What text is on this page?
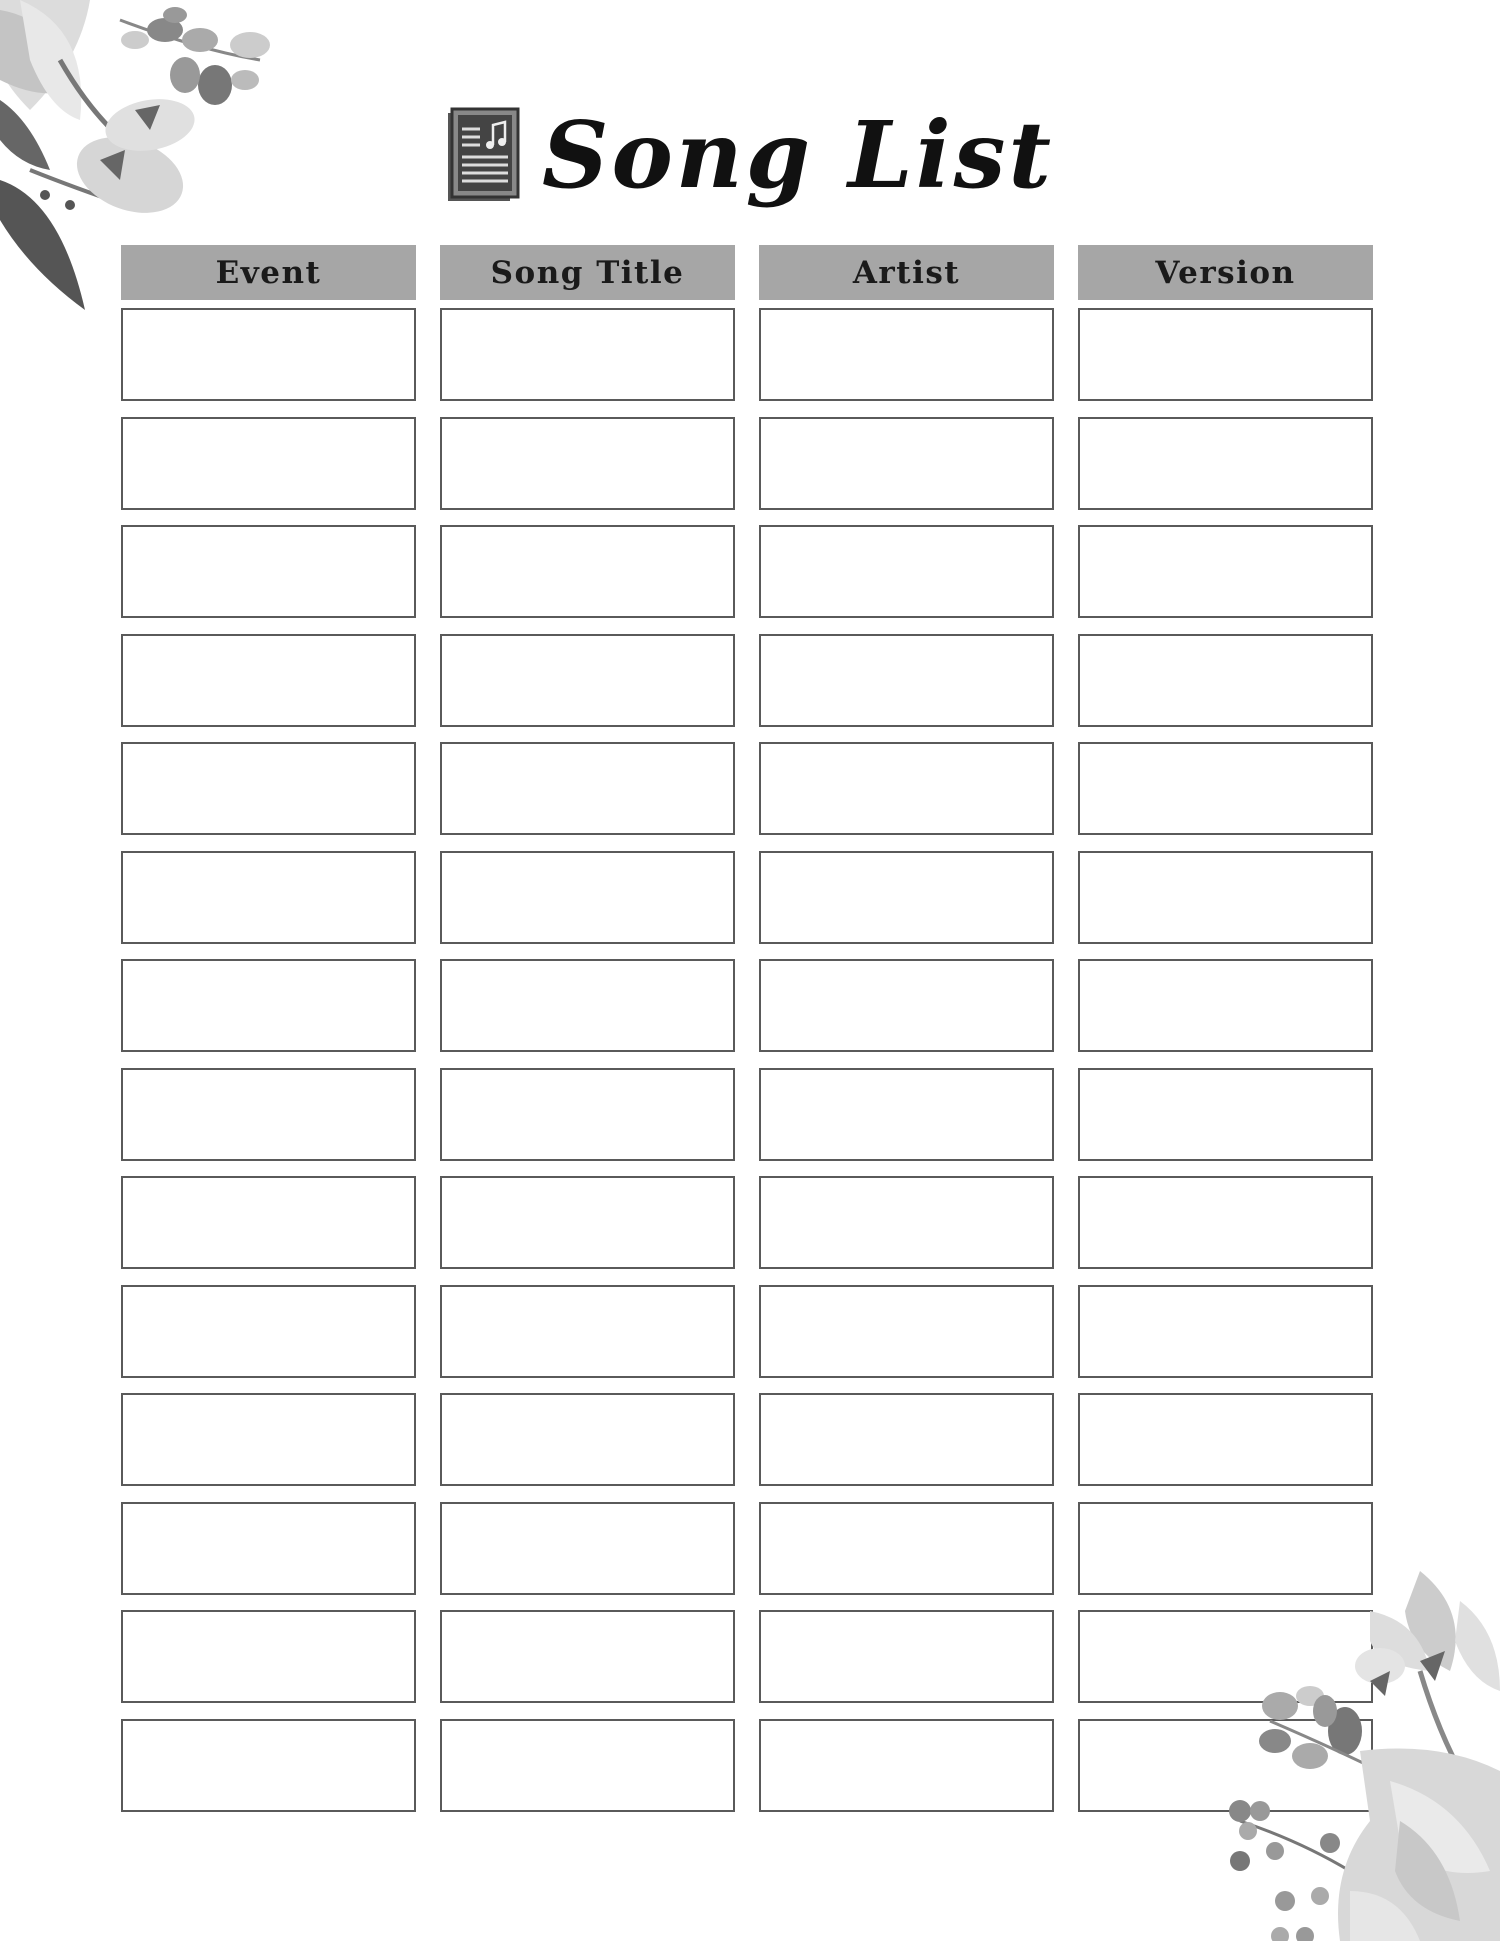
Song List
Event	Song Title	Artist	Version
